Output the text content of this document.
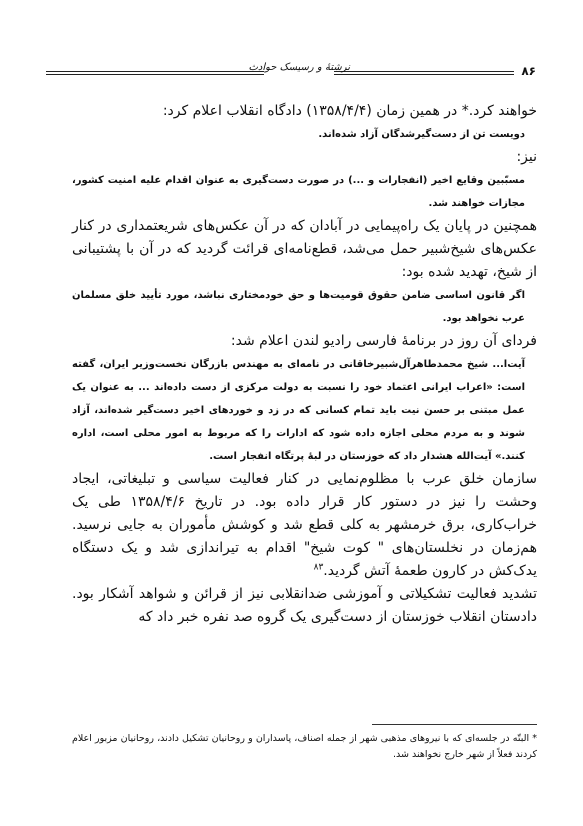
۸۶
نرشتهٔ و رسیسک حوادث

خواهند کرد.* در همین زمان (۱۳۵۸/۴/۴) دادگاه انقلاب اعلام کرد:

دویست تن از دست‌گیرشدگان آزاد شده‌اند.

نیز:

مسبّبین وقایع اخیر (انفجارات و ...) در صورت دست‌گیری به عنوان اقدام علیه امنیت کشور، مجازات خواهند شد.

همچنین در پایان یک راه‌پیمایی در آبادان که در آن عکس‌های شریعتمداری در کنار عکس‌های شیخ‌شبیر حمل می‌شد، قطع‌نامه‌ای قرائت گردید که در آن با پشتیبانی از شیخ، تهدید شده بود:

اگر قانون اساسی ضامن حقوق قومیت‌ها و حق خودمختاری نباشد، مورد تأیید خلق مسلمان عرب نخواهد بود.

فردای آن روز در برنامهٔ فارسی رادیو لندن اعلام شد:

آیت‌ا... شیخ محمدطاهرآل‌شبیرخاقانی در نامه‌ای به مهندس بازرگان نخست‌وزیر ایران، گفته است: «اعراب ایرانی اعتماد خود را نسبت به دولت مرکزی از دست داده‌اند ... به عنوان یک عمل مبتنی بر حسن نیت باید تمام کسانی که در زد و خوردهای اخیر دست‌گیر شده‌اند، آزاد شوند و به مردم محلی اجازه داده شود که ادارات را که مربوط به امور محلی است، اداره کنند.» آیت‌الله هشدار داد که خوزستان در لبهٔ پرتگاه انفجار است.

سازمان خلق عرب با مظلوم‌نمایی در کنار فعالیت سیاسی و تبلیغاتی، ایجاد وحشت را نیز در دستور کار قرار داده بود. در تاریخ ۱۳۵۸/۴/۶ طی یک خراب‌کاری، برق خرمشهر به کلی قطع شد و کوشش مأموران به جایی نرسید. هم‌زمان در نخلستان‌های " کوت شیخ" اقدام به تیراندازی شد و یک دستگاه یدک‌کش در کارون طعمهٔ آتش گردید.$^{۸۳}$

تشدید فعالیت تشکیلاتی و آموزشی ضدانقلابی نیز از قرائن و شواهد آشکار بود. دادستان انقلاب خوزستان از دست‌گیری یک گروه صد نفره خبر داد که

* البتّه در جلسه‌ای که با نیروهای مذهبی شهر از جمله اصناف، پاسداران و روحانیان تشکیل دادند، روحانیان مزبور اعلام کردند فعلاً از شهر خارج نخواهند شد.
